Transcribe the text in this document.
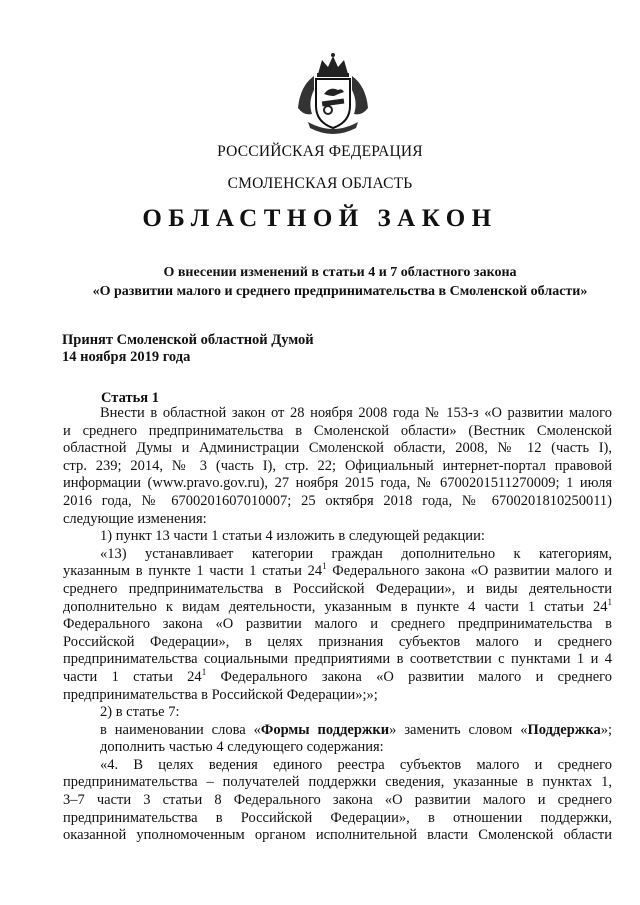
РОССИЙСКАЯ ФЕДЕРАЦИЯ
СМОЛЕНСКАЯ ОБЛАСТЬ
ОБЛАСТНОЙ ЗАКОН
О внесении изменений в статьи 4 и 7 областного закона
«О развитии малого и среднего предпринимательства в Смоленской области»
Принят Смоленской областной Думой
14 ноября 2019 года
Статья 1

Внести в областной закон от 28 ноября 2008 года № 153-з «О развитии малого

и среднего предпринимательства в Смоленской области» (Вестник Смоленской

областной Думы и Администрации Смоленской области, 2008, № 12 (часть I),

стр. 239; 2014, № 3 (часть I), стр. 22; Официальный интернет-портал правовой

информации (www.pravo.gov.ru), 27 ноября 2015 года, № 6700201511270009; 1 июля

2016 года, № 6700201607010007; 25 октября 2018 года, № 6700201810250011)

следующие изменения:

1) пункт 13 части 1 статьи 4 изложить в следующей редакции:

«13) устанавливает категории граждан дополнительно к категориям,

указанным в пункте 1 части 1 статьи $24^1$ Федерального закона «О развитии малого и

среднего предпринимательства в Российской Федерации», и виды деятельности

дополнительно к видам деятельности, указанным в пункте 4 части 1 статьи $24^1$

Федерального закона «О развитии малого и среднего предпринимательства в

Российской Федерации», в целях признания субъектов малого и среднего

предпринимательства социальными предприятиями в соответствии с пунктами 1 и 4

части 1 статьи $24^1$ Федерального закона «О развитии малого и среднего

предпринимательства в Российской Федерации»;»;

2) в статье 7:

в наименовании слова «Формы поддержки» заменить словом «Поддержка»;

дополнить частью 4 следующего содержания:

«4. В целях ведения единого реестра субъектов малого и среднего

предпринимательства – получателей поддержки сведения, указанные в пунктах 1,

3–7 части 3 статьи 8 Федерального закона «О развитии малого и среднего

предпринимательства в Российской Федерации», в отношении поддержки,

оказанной уполномоченным органом исполнительной власти Смоленской области
